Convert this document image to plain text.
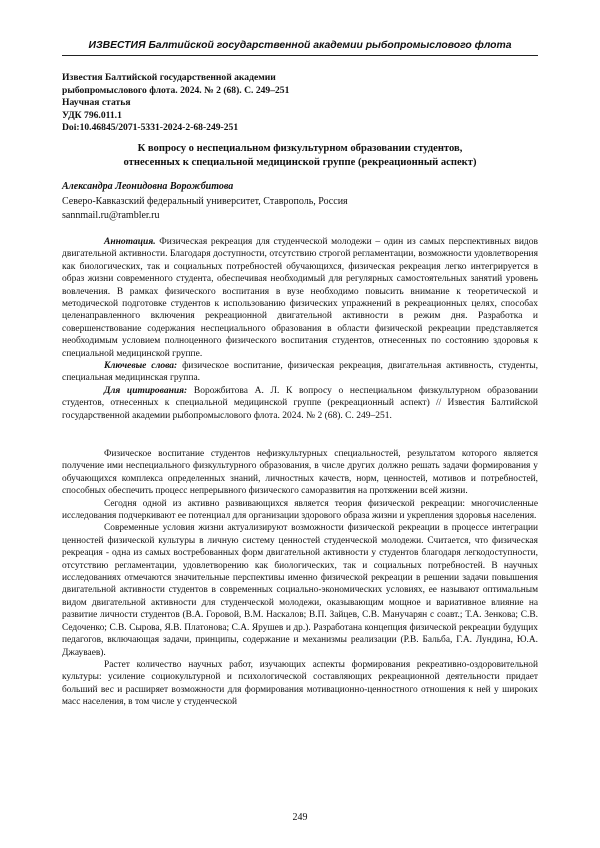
ИЗВЕСТИЯ Балтийской государственной академии рыбопромыслового флота
Известия Балтийской государственной академии
рыбопромыслового флота. 2024. № 2 (68). С. 249–251
Научная статья
УДК 796.011.1
Doi:10.46845/2071-5331-2024-2-68-249-251
К вопросу о неспециальном физкультурном образовании студентов,
отнесенных к специальной медицинской группе (рекреационный аспект)
Александра Леонидовна Ворожбитова
Северо-Кавказский федеральный университет, Ставрополь, Россия
sannmail.ru@rambler.ru

Аннотация. Физическая рекреация для студенческой молодежи – один из самых перспективных видов двигательной активности. Благодаря доступности, отсутствию строгой регламентации, возможности удовлетворения как биологических, так и социальных потребностей обучающихся, физическая рекреация легко интегрируется в образ жизни современного студента, обеспечивая необходимый для регулярных самостоятельных занятий уровень вовлечения. В рамках физического воспитания в вузе необходимо повысить внимание к теоретической и методической подготовке студентов к использованию физических упражнений в рекреационных целях, способах целенаправленного включения рекреационной двигательной активности в режим дня. Разработка и совершенствование содержания неспециального образования в области физической рекреации представляется необходимым условием полноценного физического воспитания студентов, отнесенных по состоянию здоровья к специальной медицинской группе.

Ключевые слова: физическое воспитание, физическая рекреация, двигательная активность, студенты, специальная медицинская группа.

Для цитирования: Ворожбитова А. Л. К вопросу о неспециальном физкультурном образовании студентов, отнесенных к специальной медицинской группе (рекреационный аспект) // Известия Балтийской государственной академии рыбопромыслового флота. 2024. № 2 (68). С. 249–251.

Физическое воспитание студентов нефизкультурных специальностей, результатом которого является получение ими неспециального физкультурного образования, в числе других должно решать задачи формирования у обучающихся комплекса определенных знаний, личностных качеств, норм, ценностей, мотивов и потребностей, способных обеспечить процесс непрерывного физического саморазвития на протяжении всей жизни.

Сегодня одной из активно развивающихся является теория физической рекреации: многочисленные исследования подчеркивают ее потенциал для организации здорового образа жизни и укрепления здоровья населения.

Современные условия жизни актуализируют возможности физической рекреации в процессе интеграции ценностей физической культуры в личную систему ценностей студенческой молодежи. Считается, что физическая рекреация - одна из самых востребованных форм двигательной активности у студентов благодаря легкодоступности, отсутствию регламентации, удовлетворению как биологических, так и социальных потребностей. В научных исследованиях отмечаются значительные перспективы именно физической рекреации в решении задачи повышения двигательной активности студентов в современных социально-экономических условиях, ее называют оптимальным видом двигательной активности для студенческой молодежи, оказывающим мощное и вариативное влияние на развитие личности студентов (В.А. Горовой, В.М. Наскалов; В.П. Зайцев, С.В. Манучарян с соавт.; Т.А. Зенкова; С.В. Седоченко; С.В. Сырова, Я.В. Платонова; С.А. Ярушев и др.). Разработана концепция физической рекреации будущих педагогов, включающая задачи, принципы, содержание и механизмы реализации (Р.В. Бальба, Г.А. Лундина, Ю.А. Джауваев).

Растет количество научных работ, изучающих аспекты формирования рекреативно-оздоровительной культуры: усиление социокультурной и психологической составляющих рекреационной деятельности придает больший вес и расширяет возможности для формирования мотивационно-ценностного отношения к ней у широких масс населения, в том числе у студенческой

249
